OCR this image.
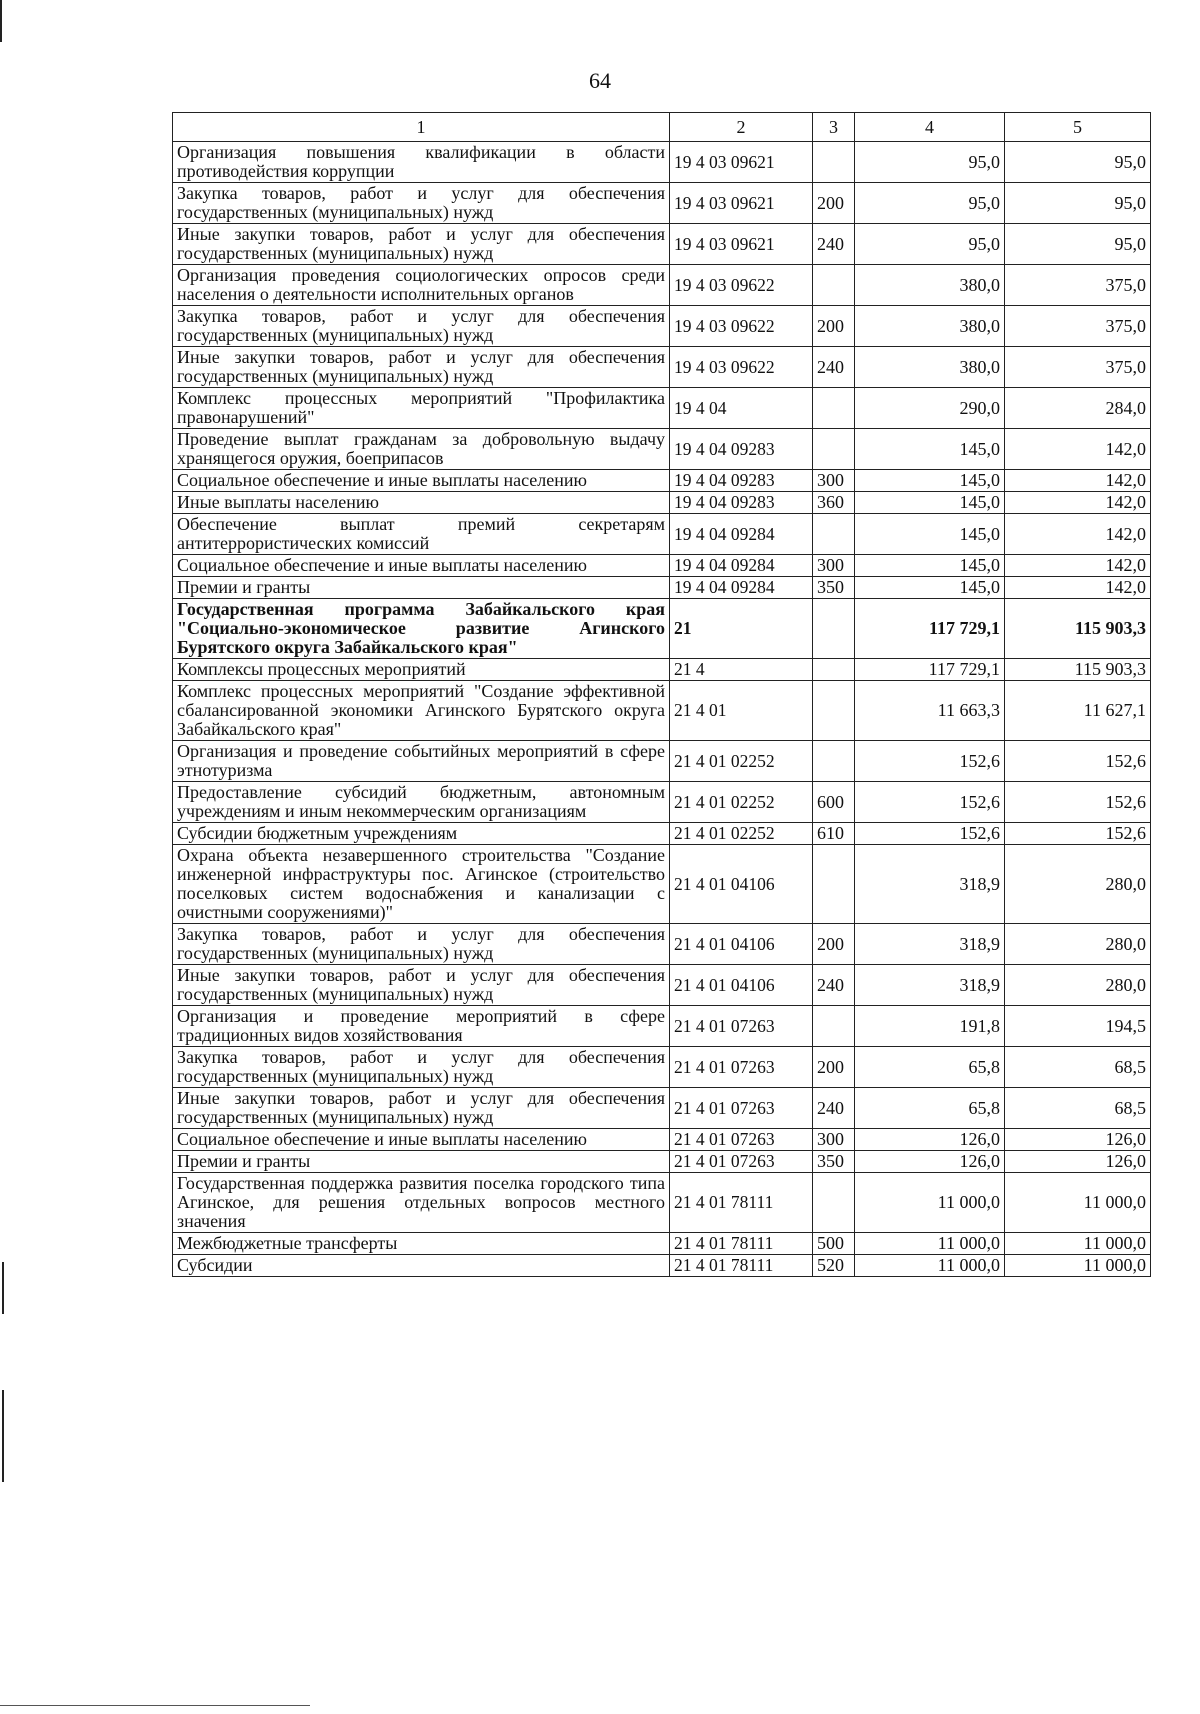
64
1	2	3	4	5
Организация повышения квалификации в области противодействия коррупции	19 4 03 09621		95,0	95,0
Закупка товаров, работ и услуг для обеспечения государственных (муниципальных) нужд	19 4 03 09621	200	95,0	95,0
Иные закупки товаров, работ и услуг для обеспечения государственных (муниципальных) нужд	19 4 03 09621	240	95,0	95,0
Организация проведения социологических опросов среди населения о деятельности исполнительных органов	19 4 03 09622		380,0	375,0
Закупка товаров, работ и услуг для обеспечения государственных (муниципальных) нужд	19 4 03 09622	200	380,0	375,0
Иные закупки товаров, работ и услуг для обеспечения государственных (муниципальных) нужд	19 4 03 09622	240	380,0	375,0
Комплекс процессных мероприятий "Профилактика правонарушений"	19 4 04		290,0	284,0
Проведение выплат гражданам за добровольную выдачу хранящегося оружия, боеприпасов	19 4 04 09283		145,0	142,0
Социальное обеспечение и иные выплаты населению	19 4 04 09283	300	145,0	142,0
Иные выплаты населению	19 4 04 09283	360	145,0	142,0
Обеспечение выплат премий секретарям антитеррористических комиссий	19 4 04 09284		145,0	142,0
Социальное обеспечение и иные выплаты населению	19 4 04 09284	300	145,0	142,0
Премии и гранты	19 4 04 09284	350	145,0	142,0
Государственная программа Забайкальского края "Социально-экономическое развитие Агинского Бурятского округа Забайкальского края"	21		117 729,1	115 903,3
Комплексы процессных мероприятий	21 4		117 729,1	115 903,3
Комплекс процессных мероприятий "Создание эффективной сбалансированной экономики Агинского Бурятского округа Забайкальского края"	21 4 01		11 663,3	11 627,1
Организация и проведение событийных мероприятий в сфере этнотуризма	21 4 01 02252		152,6	152,6
Предоставление субсидий бюджетным, автономным учреждениям и иным некоммерческим организациям	21 4 01 02252	600	152,6	152,6
Субсидии бюджетным учреждениям	21 4 01 02252	610	152,6	152,6
Охрана объекта незавершенного строительства "Создание инженерной инфраструктуры пос. Агинское (строительство поселковых систем водоснабжения и канализации с очистными сооружениями)"	21 4 01 04106		318,9	280,0
Закупка товаров, работ и услуг для обеспечения государственных (муниципальных) нужд	21 4 01 04106	200	318,9	280,0
Иные закупки товаров, работ и услуг для обеспечения государственных (муниципальных) нужд	21 4 01 04106	240	318,9	280,0
Организация и проведение мероприятий в сфере традиционных видов хозяйствования	21 4 01 07263		191,8	194,5
Закупка товаров, работ и услуг для обеспечения государственных (муниципальных) нужд	21 4 01 07263	200	65,8	68,5
Иные закупки товаров, работ и услуг для обеспечения государственных (муниципальных) нужд	21 4 01 07263	240	65,8	68,5
Социальное обеспечение и иные выплаты населению	21 4 01 07263	300	126,0	126,0
Премии и гранты	21 4 01 07263	350	126,0	126,0
Государственная поддержка развития поселка городского типа Агинское, для решения отдельных вопросов местного значения	21 4 01 78111		11 000,0	11 000,0
Межбюджетные трансферты	21 4 01 78111	500	11 000,0	11 000,0
Субсидии	21 4 01 78111	520	11 000,0	11 000,0
